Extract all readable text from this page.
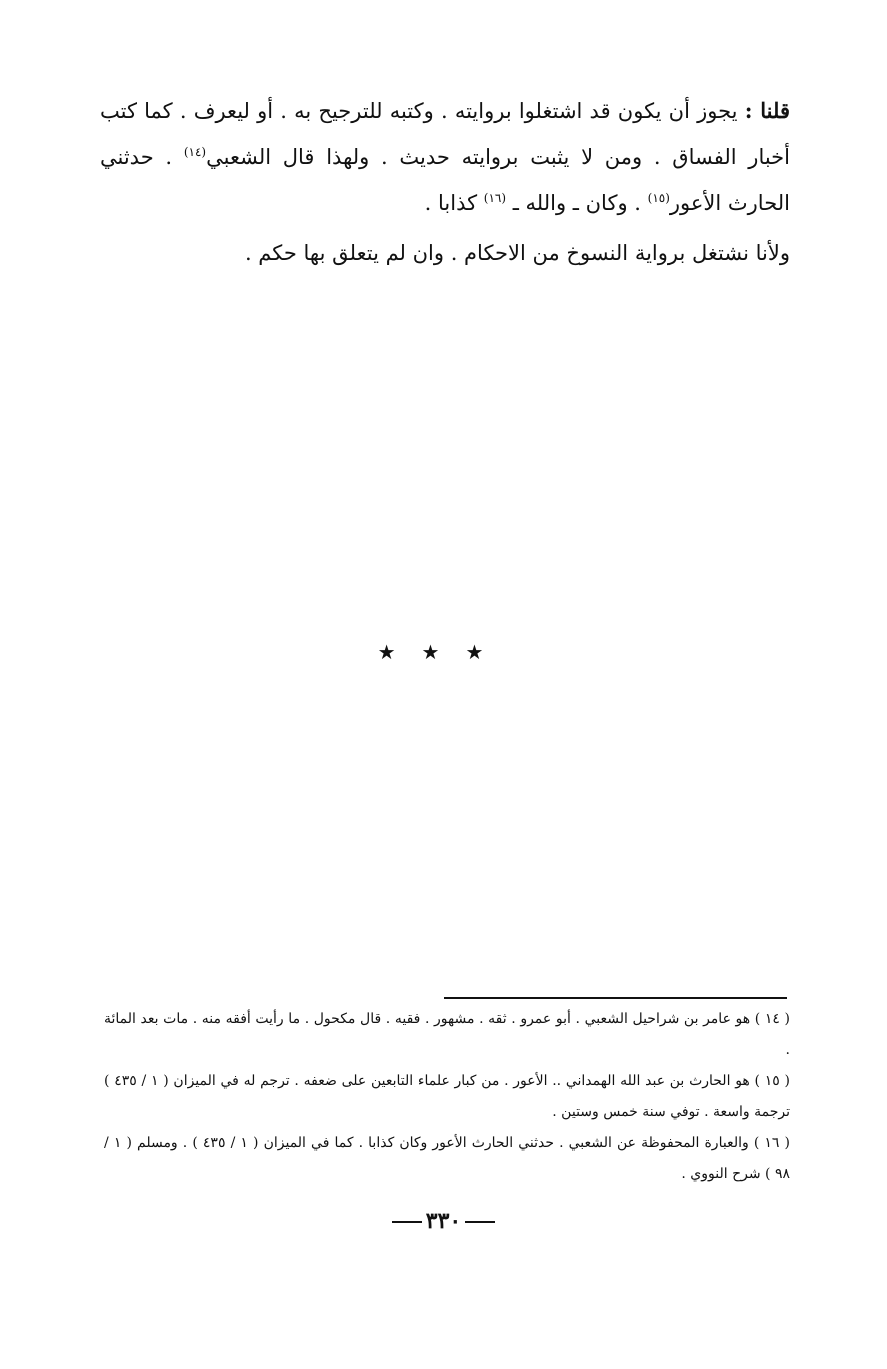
قلنا : يجوز أن يكون قد اشتغلوا بروايته . وكتبه للترجيح به . أو ليعرف . كما كتب أخبار الفساق . ومن لا يثبت بروايته حديث . ولهذا قال الشعبي$^{(١٤)}$ . حدثني الحارث الأعور$^{(١٥)}$ . وكان ـ والله ـ $^{(١٦)}$ كذابا .

ولأنا نشتغل برواية النسوخ من الاحكام . وان لم يتعلق بها حكم .

★★★

( ١٤ ) هو عامر بن شراحيل الشعبي . أبو عمرو . ثقه . مشهور . فقيه . قال مكحول . ما رأيت أفقه منه . مات بعد المائة .

( ١٥ ) هو الحارث بن عبد الله الهمداني .. الأعور . من كبار علماء التابعين على ضعفه . ترجم له في الميزان ( ١ / ٤٣٥ ) ترجمة واسعة . توفي سنة خمس وستين .

( ١٦ ) والعبارة المحفوظة عن الشعبي . حدثني الحارث الأعور وكان كذابا . كما في الميزان ( ١ / ٤٣٥ ) . ومسلم ( ١ / ٩٨ ) شرح النووي .

٣٣٠
